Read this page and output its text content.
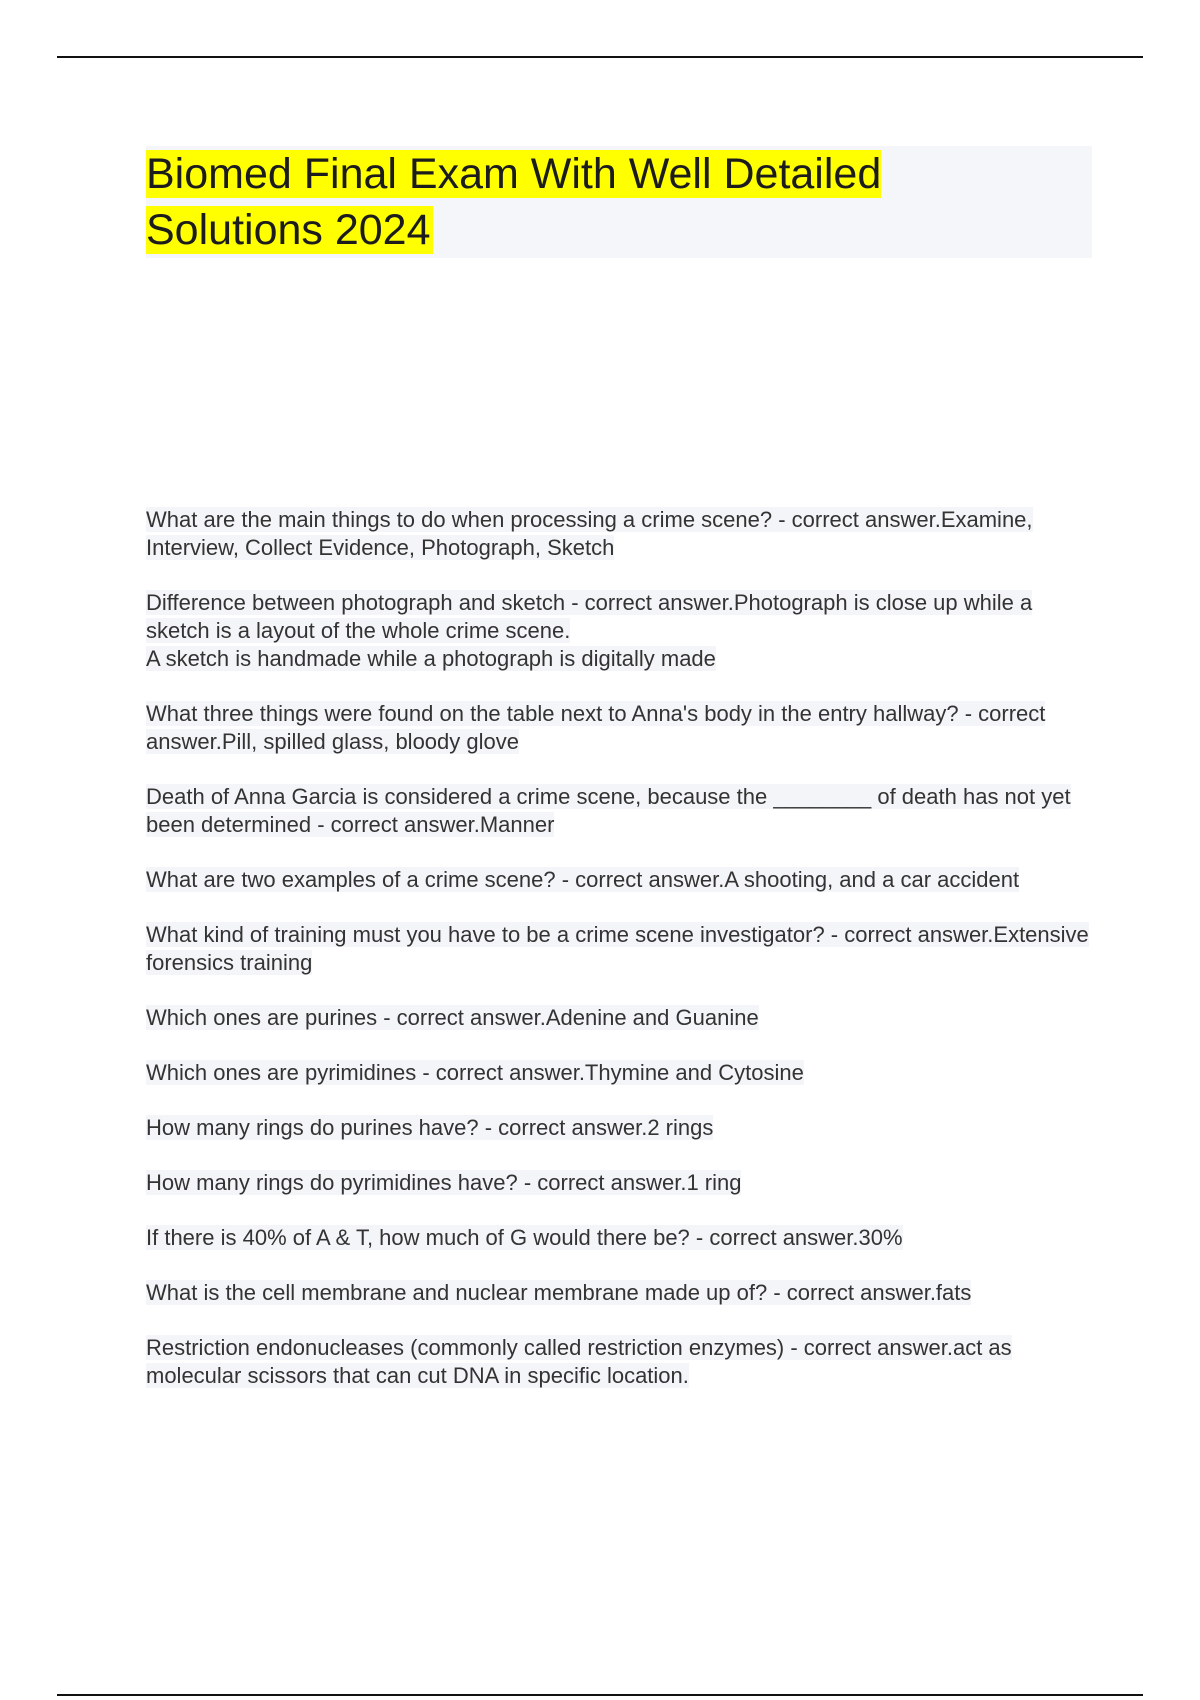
Biomed Final Exam With Well Detailed Solutions 2024

What are the main things to do when processing a crime scene? - correct answer.Examine, Interview, Collect Evidence, Photograph, Sketch

Difference between photograph and sketch - correct answer.Photograph is close up while a sketch is a layout of the whole crime scene.
A sketch is handmade while a photograph is digitally made

What three things were found on the table next to Anna's body in the entry hallway? - correct answer.Pill, spilled glass, bloody glove

Death of Anna Garcia is considered a crime scene, because the ________ of death has not yet been determined - correct answer.Manner

What are two examples of a crime scene? - correct answer.A shooting, and a car accident

What kind of training must you have to be a crime scene investigator? - correct answer.Extensive forensics training

Which ones are purines - correct answer.Adenine and Guanine

Which ones are pyrimidines - correct answer.Thymine and Cytosine

How many rings do purines have? - correct answer.2 rings

How many rings do pyrimidines have? - correct answer.1 ring

If there is 40% of A & T, how much of G would there be? - correct answer.30%

What is the cell membrane and nuclear membrane made up of? - correct answer.fats

Restriction endonucleases (commonly called restriction enzymes) - correct answer.act as molecular scissors that can cut DNA in specific location.
